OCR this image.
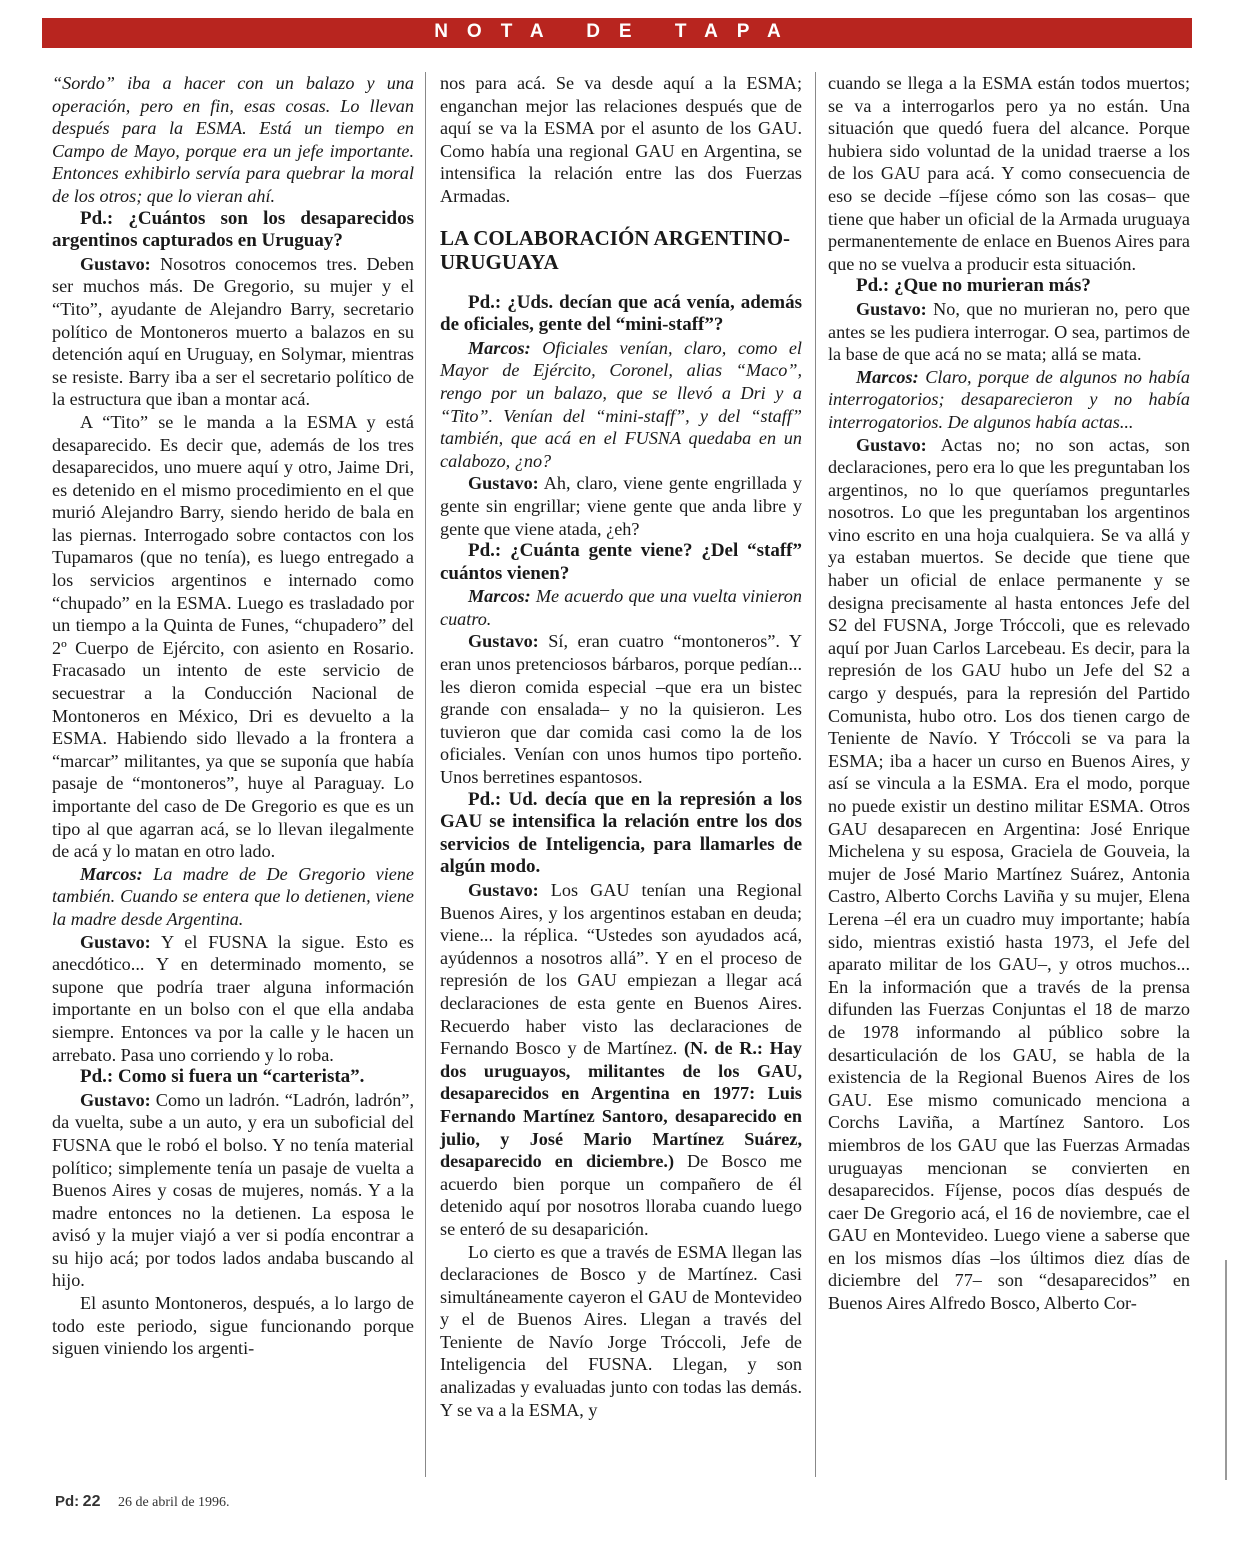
NOTA DE TAPA

“Sordo” iba a hacer con un balazo y una operación, pero en fin, esas cosas. Lo llevan después para la ESMA. Está un tiempo en Campo de Mayo, porque era un jefe importante. Entonces exhibirlo servía para quebrar la moral de los otros; que lo vieran ahí.

Pd.: ¿Cuántos son los desaparecidos argentinos capturados en Uruguay?

Gustavo: Nosotros conocemos tres. Deben ser muchos más. De Gregorio, su mujer y el “Tito”, ayudante de Alejandro Barry, secretario político de Montoneros muerto a balazos en su detención aquí en Uruguay, en Solymar, mientras se resiste. Barry iba a ser el secretario político de la estructura que iban a montar acá.

A “Tito” se le manda a la ESMA y está desaparecido. Es decir que, además de los tres desaparecidos, uno muere aquí y otro, Jaime Dri, es detenido en el mismo procedimiento en el que murió Alejandro Barry, siendo herido de bala en las piernas. Interrogado sobre contactos con los Tupamaros (que no tenía), es luego entregado a los servicios argentinos e internado como “chupado” en la ESMA. Luego es trasladado por un tiempo a la Quinta de Funes, “chupadero” del 2º Cuerpo de Ejército, con asiento en Rosario. Fracasado un intento de este servicio de secuestrar a la Conducción Nacional de Montoneros en México, Dri es devuelto a la ESMA. Habiendo sido llevado a la frontera a “marcar” militantes, ya que se suponía que había pasaje de “montoneros”, huye al Paraguay. Lo importante del caso de De Gregorio es que es un tipo al que agarran acá, se lo llevan ilegalmente de acá y lo matan en otro lado.

Marcos: La madre de De Gregorio viene también. Cuando se entera que lo detienen, viene la madre desde Argentina.

Gustavo: Y el FUSNA la sigue. Esto es anecdótico... Y en determinado momento, se supone que podría traer alguna información importante en un bolso con el que ella andaba siempre. Entonces va por la calle y le hacen un arrebato. Pasa uno corriendo y lo roba.

Pd.: Como si fuera un “carterista”.

Gustavo: Como un ladrón. “Ladrón, ladrón”, da vuelta, sube a un auto, y era un suboficial del FUSNA que le robó el bolso. Y no tenía material político; simplemente tenía un pasaje de vuelta a Buenos Aires y cosas de mujeres, nomás. Y a la madre entonces no la detienen. La esposa le avisó y la mujer viajó a ver si podía encontrar a su hijo acá; por todos lados andaba buscando al hijo.

El asunto Montoneros, después, a lo largo de todo este periodo, sigue funcionando porque siguen viniendo los argenti-

nos para acá. Se va desde aquí a la ESMA; enganchan mejor las relaciones después que de aquí se va la ESMA por el asunto de los GAU. Como había una regional GAU en Argentina, se intensifica la relación entre las dos Fuerzas Armadas.

LA COLABORACIÓN ARGENTINO-URUGUAYA

Pd.: ¿Uds. decían que acá venía, además de oficiales, gente del “mini-staff”?

Marcos: Oficiales venían, claro, como el Mayor de Ejército, Coronel, alias “Maco”, rengo por un balazo, que se llevó a Dri y a “Tito”. Venían del “mini-staff”, y del “staff” también, que acá en el FUSNA quedaba en un calabozo, ¿no?

Gustavo: Ah, claro, viene gente engrillada y gente sin engrillar; viene gente que anda libre y gente que viene atada, ¿eh?

Pd.: ¿Cuánta gente viene? ¿Del “staff” cuántos vienen?

Marcos: Me acuerdo que una vuelta vinieron cuatro.

Gustavo: Sí, eran cuatro “montoneros”. Y eran unos pretenciosos bárbaros, porque pedían... les dieron comida especial –que era un bistec grande con ensalada– y no la quisieron. Les tuvieron que dar comida casi como la de los oficiales. Venían con unos humos tipo porteño. Unos berretines espantosos.

Pd.: Ud. decía que en la represión a los GAU se intensifica la relación entre los dos servicios de Inteligencia, para llamarles de algún modo.

Gustavo: Los GAU tenían una Regional Buenos Aires, y los argentinos estaban en deuda; viene... la réplica. “Ustedes son ayudados acá, ayúdennos a nosotros allá”. Y en el proceso de represión de los GAU empiezan a llegar acá declaraciones de esta gente en Buenos Aires. Recuerdo haber visto las declaraciones de Fernando Bosco y de Martínez. (N. de R.: Hay dos uruguayos, militantes de los GAU, desaparecidos en Argentina en 1977: Luis Fernando Martínez Santoro, desaparecido en julio, y José Mario Martínez Suárez, desaparecido en diciembre.) De Bosco me acuerdo bien porque un compañero de él detenido aquí por nosotros lloraba cuando luego se enteró de su desaparición.

Lo cierto es que a través de ESMA llegan las declaraciones de Bosco y de Martínez. Casi simultáneamente cayeron el GAU de Montevideo y el de Buenos Aires. Llegan a través del Teniente de Navío Jorge Tróccoli, Jefe de Inteligencia del FUSNA. Llegan, y son analizadas y evaluadas junto con todas las demás. Y se va a la ESMA, y

cuando se llega a la ESMA están todos muertos; se va a interrogarlos pero ya no están. Una situación que quedó fuera del alcance. Porque hubiera sido voluntad de la unidad traerse a los de los GAU para acá. Y como consecuencia de eso se decide –fíjese cómo son las cosas– que tiene que haber un oficial de la Armada uruguaya permanentemente de enlace en Buenos Aires para que no se vuelva a producir esta situación.

Pd.: ¿Que no murieran más?

Gustavo: No, que no murieran no, pero que antes se les pudiera interrogar. O sea, partimos de la base de que acá no se mata; allá se mata.

Marcos: Claro, porque de algunos no había interrogatorios; desaparecieron y no había interrogatorios. De algunos había actas...

Gustavo: Actas no; no son actas, son declaraciones, pero era lo que les preguntaban los argentinos, no lo que queríamos preguntarles nosotros. Lo que les preguntaban los argentinos vino escrito en una hoja cualquiera. Se va allá y ya estaban muertos. Se decide que tiene que haber un oficial de enlace permanente y se designa precisamente al hasta entonces Jefe del S2 del FUSNA, Jorge Tróccoli, que es relevado aquí por Juan Carlos Larcebeau. Es decir, para la represión de los GAU hubo un Jefe del S2 a cargo y después, para la represión del Partido Comunista, hubo otro. Los dos tienen cargo de Teniente de Navío. Y Tróccoli se va para la ESMA; iba a hacer un curso en Buenos Aires, y así se vincula a la ESMA. Era el modo, porque no puede existir un destino militar ESMA. Otros GAU desaparecen en Argentina: José Enrique Michelena y su esposa, Graciela de Gouveia, la mujer de José Mario Martínez Suárez, Antonia Castro, Alberto Corchs Laviña y su mujer, Elena Lerena –él era un cuadro muy importante; había sido, mientras existió hasta 1973, el Jefe del aparato militar de los GAU–, y otros muchos... En la información que a través de la prensa difunden las Fuerzas Conjuntas el 18 de marzo de 1978 informando al público sobre la desarticulación de los GAU, se habla de la existencia de la Regional Buenos Aires de los GAU. Ese mismo comunicado menciona a Corchs Laviña, a Martínez Santoro. Los miembros de los GAU que las Fuerzas Armadas uruguayas mencionan se convierten en desaparecidos. Fíjense, pocos días después de caer De Gregorio acá, el 16 de noviembre, cae el GAU en Montevideo. Luego viene a saberse que en los mismos días –los últimos diez días de diciembre del 77– son “desaparecidos” en Buenos Aires Alfredo Bosco, Alberto Cor-

Pd: 22 26 de abril de 1996.
